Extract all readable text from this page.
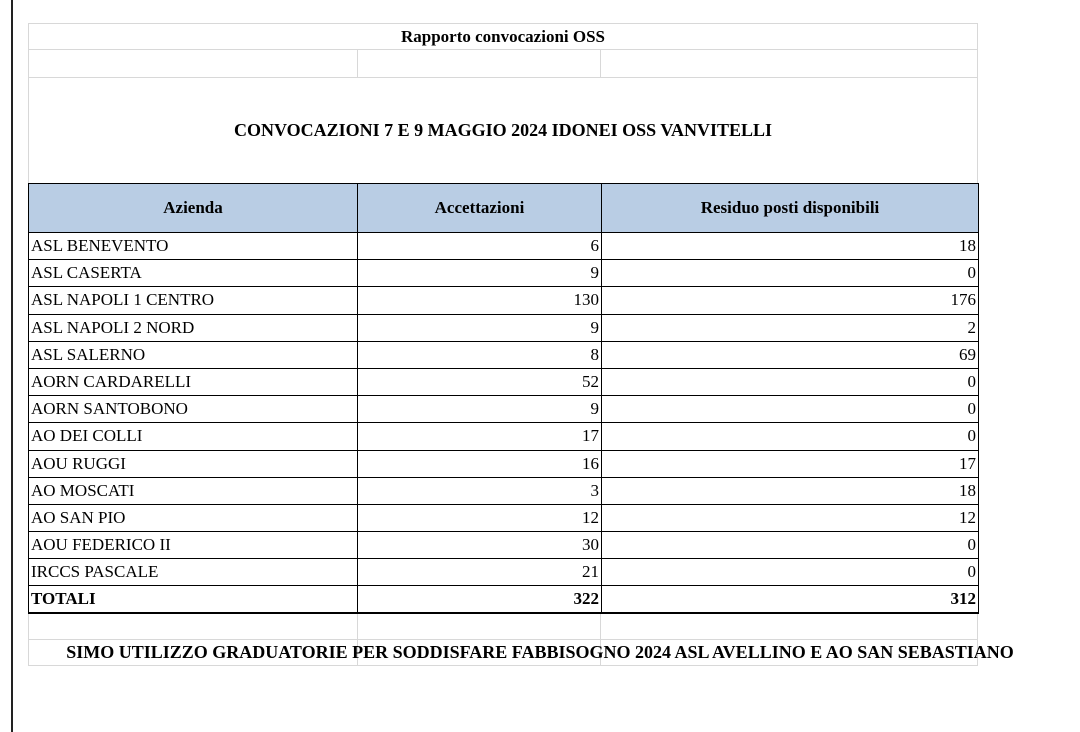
Rapporto convocazioni OSS
CONVOCAZIONI 7 E 9 MAGGIO 2024 IDONEI OSS VANVITELLI
Azienda	Accettazioni	Residuo posti disponibili
ASL BENEVENTO	6	18
ASL CASERTA	9	0
ASL NAPOLI 1 CENTRO	130	176
ASL NAPOLI 2 NORD	9	2
ASL SALERNO	8	69
AORN CARDARELLI	52	0
AORN SANTOBONO	9	0
AO DEI COLLI	17	0
AOU RUGGI	16	17
AO MOSCATI	3	18
AO SAN PIO	12	12
AOU FEDERICO II	30	0
IRCCS PASCALE	21	0
TOTALI	322	312
SIMO UTILIZZO GRADUATORIE PER SODDISFARE FABBISOGNO 2024 ASL AVELLINO E AO SAN SEBASTIANO
